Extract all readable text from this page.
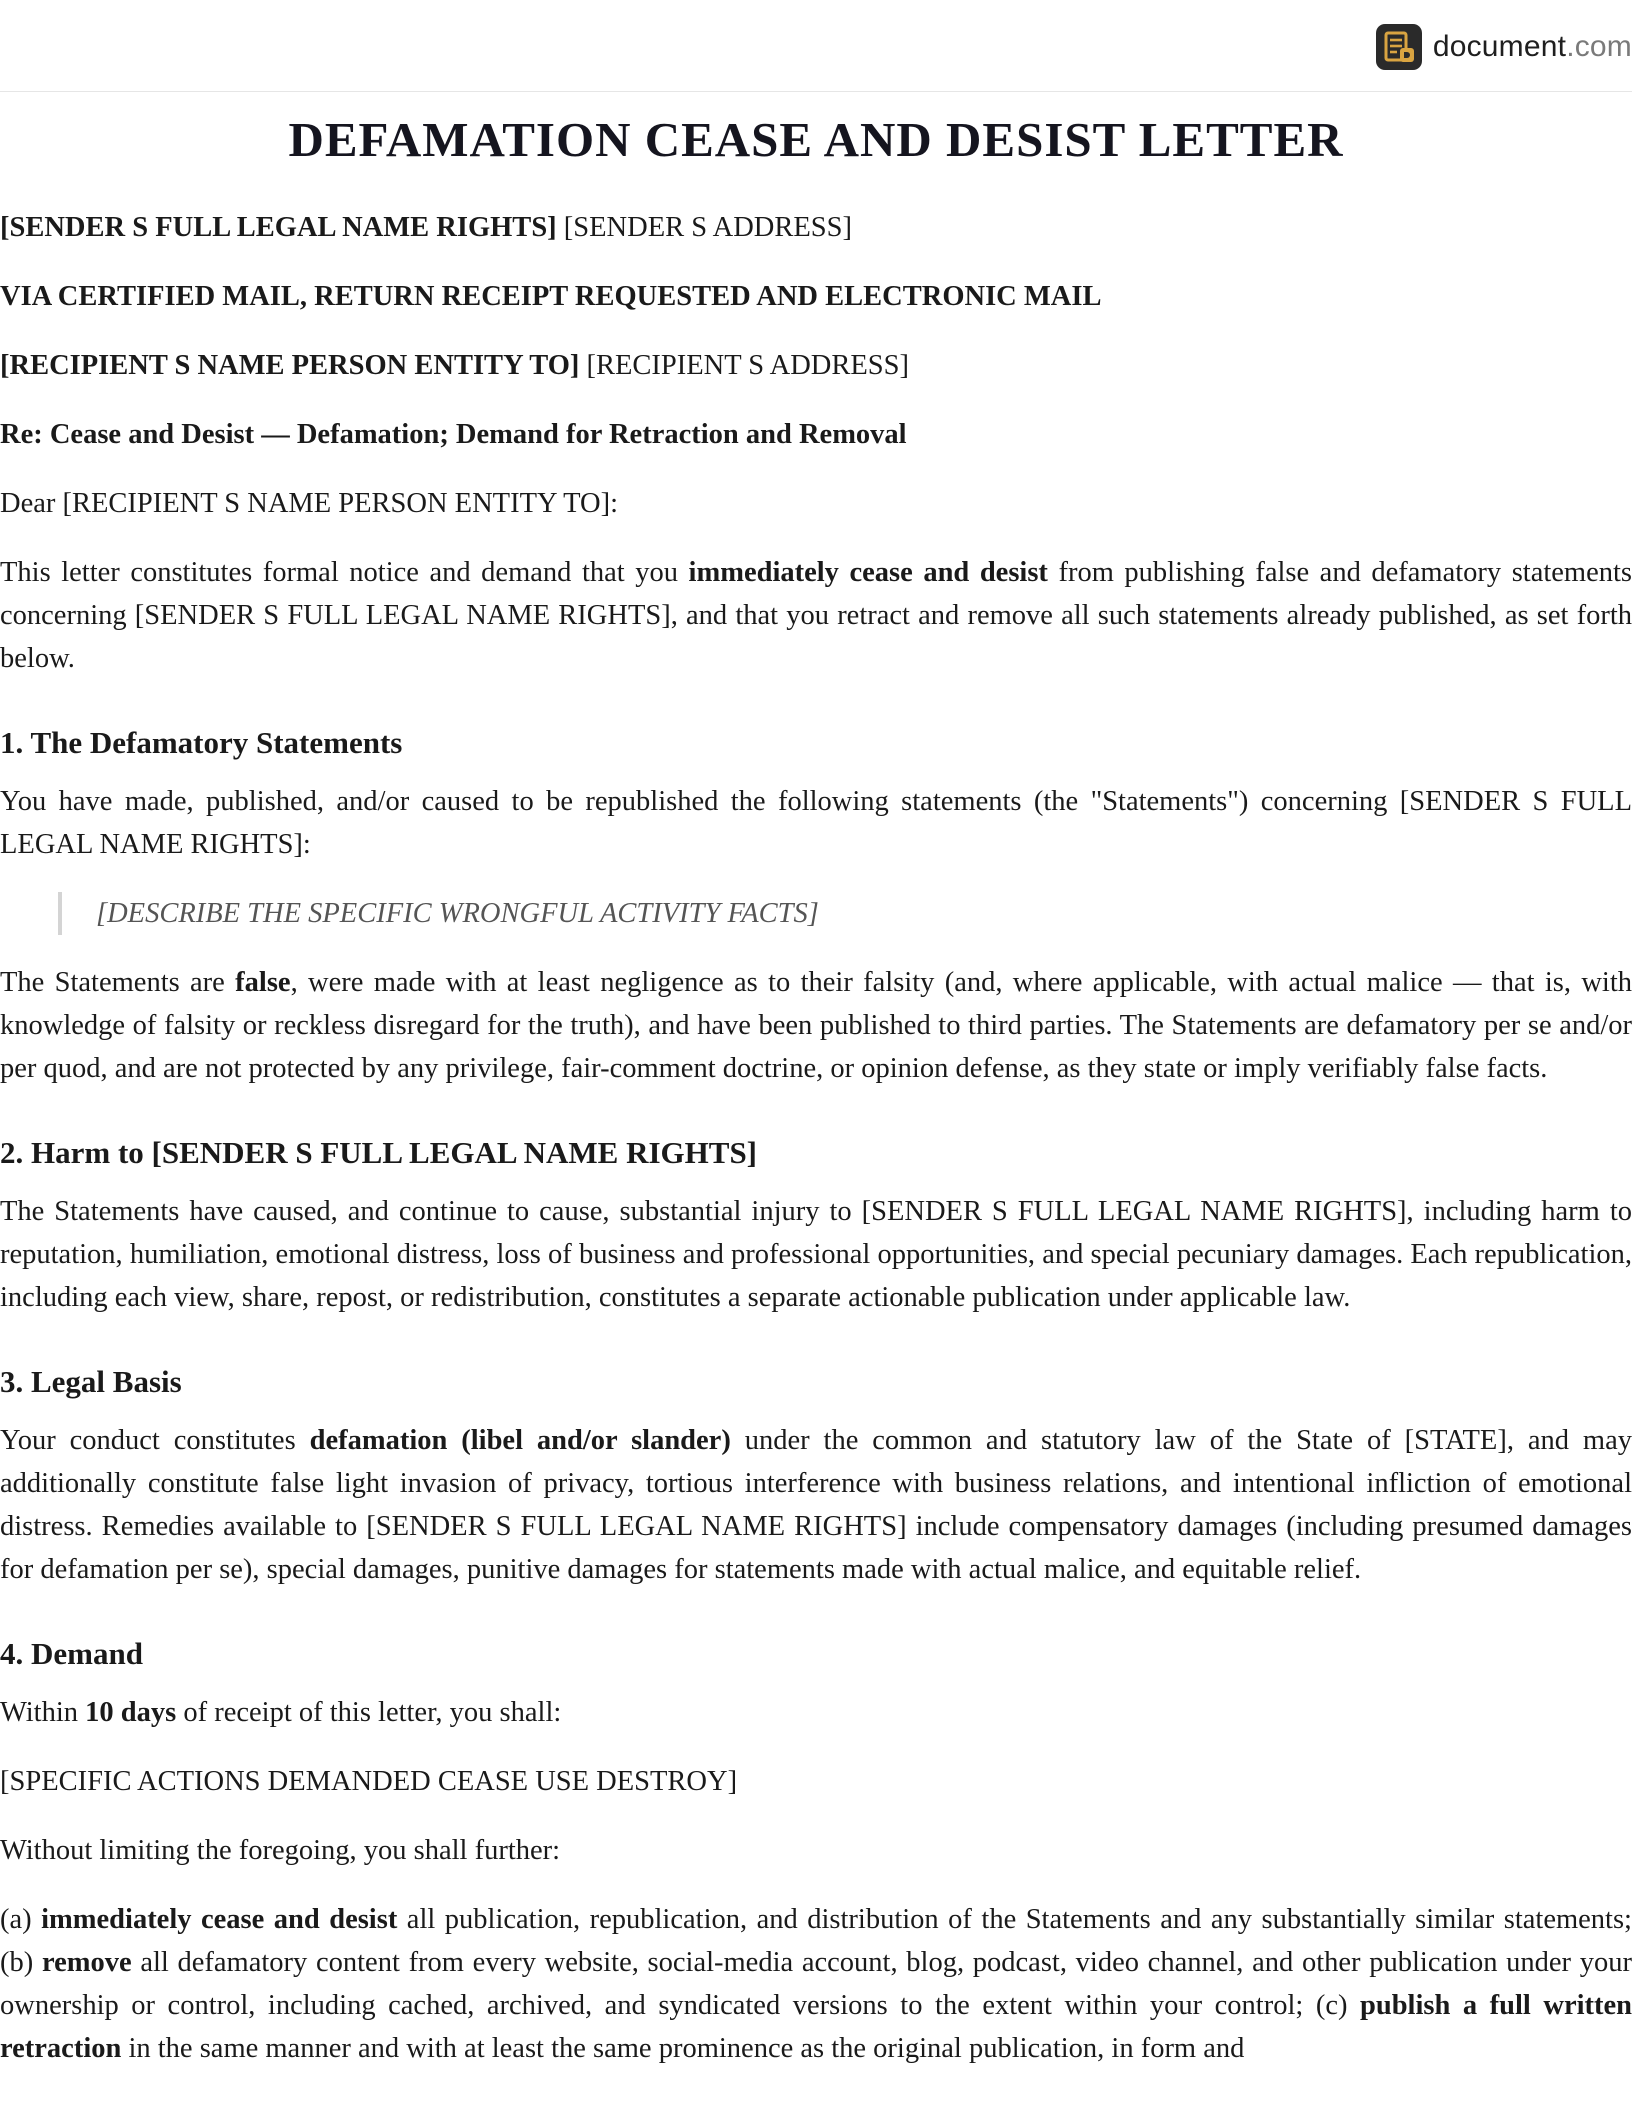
document .com
DEFAMATION CEASE AND DESIST LETTER

[SENDER S FULL LEGAL NAME RIGHTS] [SENDER S ADDRESS]

VIA CERTIFIED MAIL, RETURN RECEIPT REQUESTED AND ELECTRONIC MAIL

[RECIPIENT S NAME PERSON ENTITY TO] [RECIPIENT S ADDRESS]

Re: Cease and Desist — Defamation; Demand for Retraction and Removal

Dear [RECIPIENT S NAME PERSON ENTITY TO]:

This letter constitutes formal notice and demand that you immediately cease and desist from publishing false and defamatory statements concerning [SENDER S FULL LEGAL NAME RIGHTS], and that you retract and remove all such statements already published, as set forth below.

1. The Defamatory Statements

You have made, published, and/or caused to be republished the following statements (the "Statements") concerning [SENDER S FULL LEGAL NAME RIGHTS]:

[DESCRIBE THE SPECIFIC WRONGFUL ACTIVITY FACTS]

The Statements are false, were made with at least negligence as to their falsity (and, where applicable, with actual malice — that is, with knowledge of falsity or reckless disregard for the truth), and have been published to third parties. The Statements are defamatory per se and/or per quod, and are not protected by any privilege, fair-comment doctrine, or opinion defense, as they state or imply verifiably false facts.

2. Harm to [SENDER S FULL LEGAL NAME RIGHTS]

The Statements have caused, and continue to cause, substantial injury to [SENDER S FULL LEGAL NAME RIGHTS], including harm to reputation, humiliation, emotional distress, loss of business and professional opportunities, and special pecuniary damages. Each republication, including each view, share, repost, or redistribution, constitutes a separate actionable publication under applicable law.

3. Legal Basis

Your conduct constitutes defamation (libel and/or slander) under the common and statutory law of the State of [STATE], and may additionally constitute false light invasion of privacy, tortious interference with business relations, and intentional infliction of emotional distress. Remedies available to [SENDER S FULL LEGAL NAME RIGHTS] include compensatory damages (including presumed damages for defamation per se), special damages, punitive damages for statements made with actual malice, and equitable relief.

4. Demand

Within 10 days of receipt of this letter, you shall:

[SPECIFIC ACTIONS DEMANDED CEASE USE DESTROY]

Without limiting the foregoing, you shall further:

(a) immediately cease and desist all publication, republication, and distribution of the Statements and any substantially similar statements; (b) remove all defamatory content from every website, social-media account, blog, podcast, video channel, and other publication under your ownership or control, including cached, archived, and syndicated versions to the extent within your control; (c) publish a full written retraction in the same manner and with at least the same prominence as the original publication, in form and
